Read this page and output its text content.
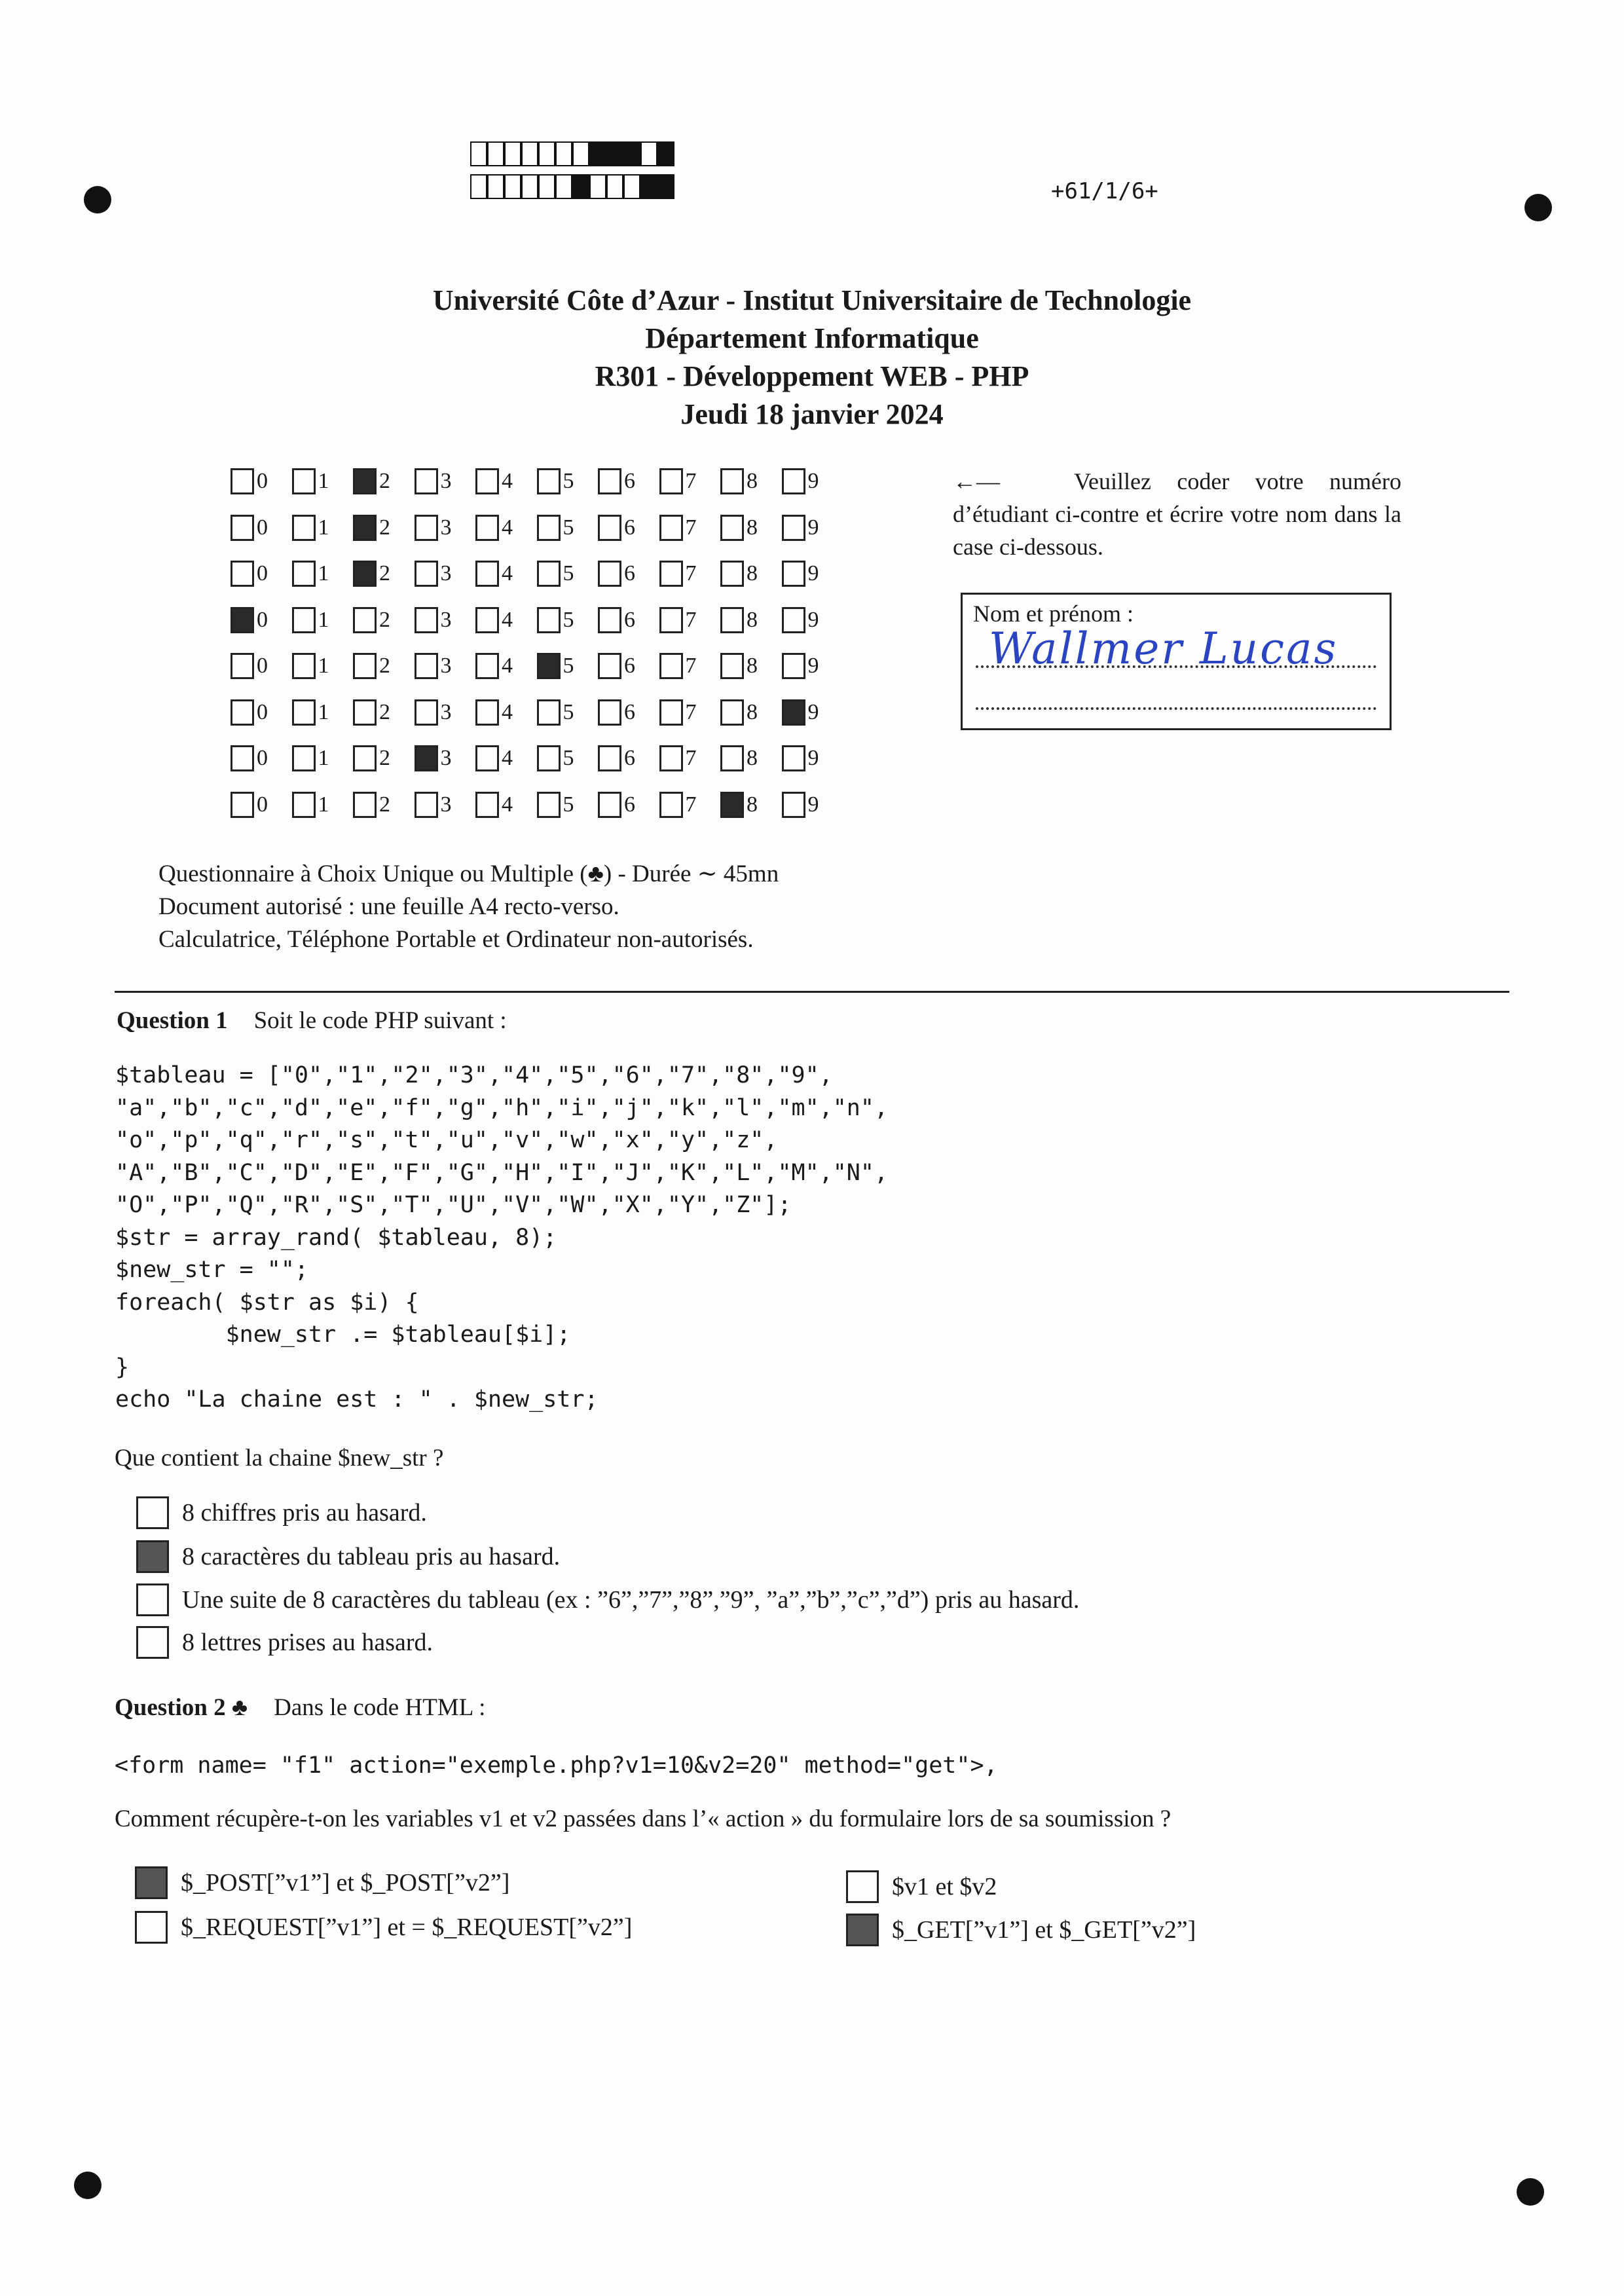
+61/1/6+
Université Côte d’Azur - Institut Universitaire de Technologie
Département Informatique
R301 - Développement WEB - PHP
Jeudi 18 janvier 2024
0 1 2 3 4 5 6 7 8 9
0 1 2 3 4 5 6 7 8 9
0 1 2 3 4 5 6 7 8 9
0 1 2 3 4 5 6 7 8 9
0 1 2 3 4 5 6 7 8 9
0 1 2 3 4 5 6 7 8 9
0 1 2 3 4 5 6 7 8 9
0 1 2 3 4 5 6 7 8 9
←—	Veuillez coder votre numéro d’étudiant ci-contre et écrire votre nom dans la case ci-dessous.
Nom et prénom :
Wallmer Lucas
Questionnaire à Choix Unique ou Multiple (♣) - Durée ∼ 45mn
Document autorisé : une feuille A4 recto-verso.
Calculatrice, Téléphone Portable et Ordinateur non-autorisés.
Question 1 Soit le code PHP suivant :
$tableau = ["0","1","2","3","4","5","6","7","8","9",
"a","b","c","d","e","f","g","h","i","j","k","l","m","n",
"o","p","q","r","s","t","u","v","w","x","y","z",
"A","B","C","D","E","F","G","H","I","J","K","L","M","N",
"O","P","Q","R","S","T","U","V","W","X","Y","Z"];
$str = array_rand( $tableau, 8);
$new_str = "";
foreach( $str as $i) {
$new_str .= $tableau[$i];
}
echo "La chaine est : " . $new_str;
Que contient la chaine $new_str ?
8 chiffres pris au hasard.
8 caractères du tableau pris au hasard.
Une suite de 8 caractères du tableau (ex : ”6”,”7”,”8”,”9”, ”a”,”b”,”c”,”d”) pris au hasard.
8 lettres prises au hasard.
Question 2 ♣ Dans le code HTML :
<form name= "f1" action="exemple.php?v1=10&v2=20" method="get">,
Comment récupère-t-on les variables v1 et v2 passées dans l’« action » du formulaire lors de sa soumission ?
$_POST[”v1”] et $_POST[”v2”]
$_REQUEST[”v1”] et = $_REQUEST[”v2”]
$v1 et $v2
$_GET[”v1”] et $_GET[”v2”]
